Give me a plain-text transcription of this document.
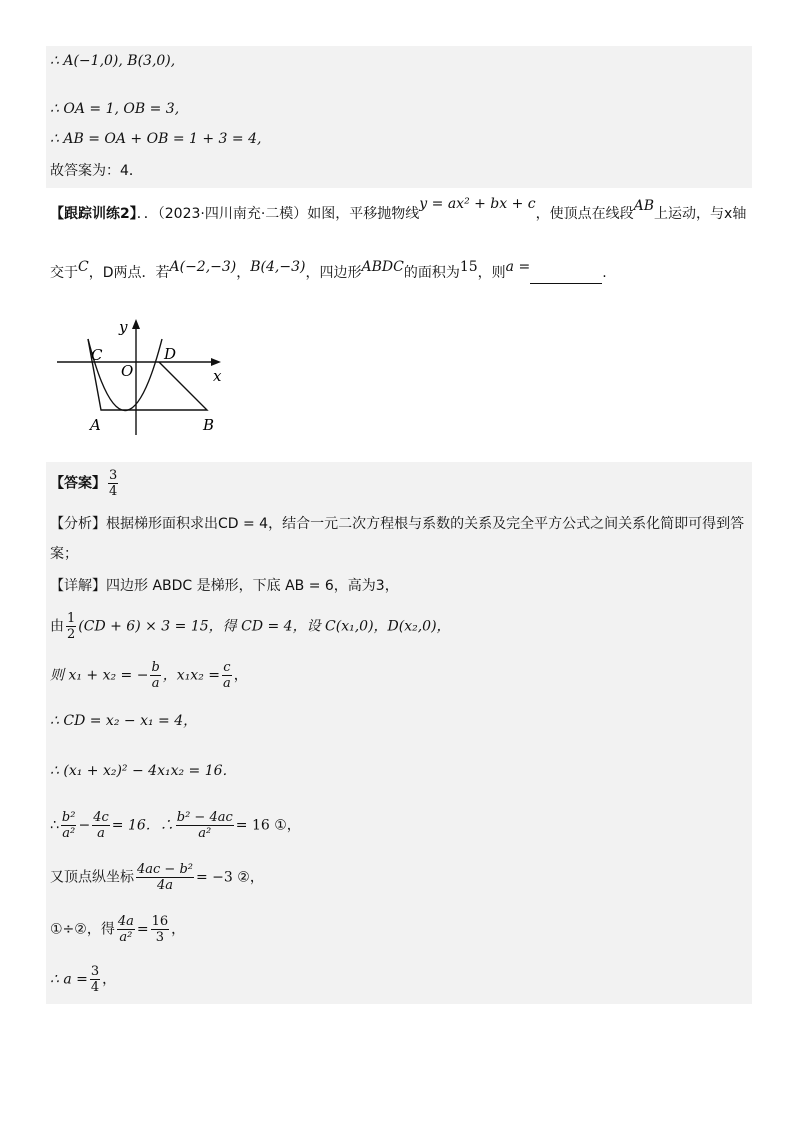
∴ A(−1,0), B(3,0),
∴ OA = 1, OB = 3,
∴ AB = OA + OB = 1 + 3 = 4,
故答案为：4．
【跟踪训练2】．．（2023·四川南充·二模）如图，平移抛物线y = ax² + bx + c，使顶点在线段AB上运动，与x轴
交于C，D两点．若A(−2,−3)，B(4,−3)，四边形ABDC的面积为15，则a =	.
y
x
C
O
D
A	B
【答案】 $\frac{3}{4}$
【分析】根据梯形面积求出CD = 4，结合一元二次方程根与系数的关系及完全平方公式之间关系化简即可得到答
案；
【详解】四边形 ABDC 是梯形，下底 AB = 6，高为3，
由 $\frac{1}{2} (CD + 6) \times 3 = 15$，得 CD = 4，设 C(x₁,0)，D(x₂,0)，
则 x₁ + x₂ = − $\frac{b}{a}$ ，$x_1x_2 = \frac{c}{a}$ ，
∴ CD = x₂ − x₁ = 4，
∴ (x₁ + x₂)² − 4x₁x₂ = 16．
∴ $\frac{\text{b²}}{\text{a²}} - \frac{4c}{a} = 16$．∴ $\frac{\text{b² − 4ac}}{\text{a²}} = 16$ ①，
又顶点纵坐标 $\frac{\text{4ac − b²}}{4a} = -3$ ②，
①÷②，得 $\frac{4a}{\text{a²}} = \frac{16}{3}$ ，
∴ $a = \frac{3}{4}$ ，
